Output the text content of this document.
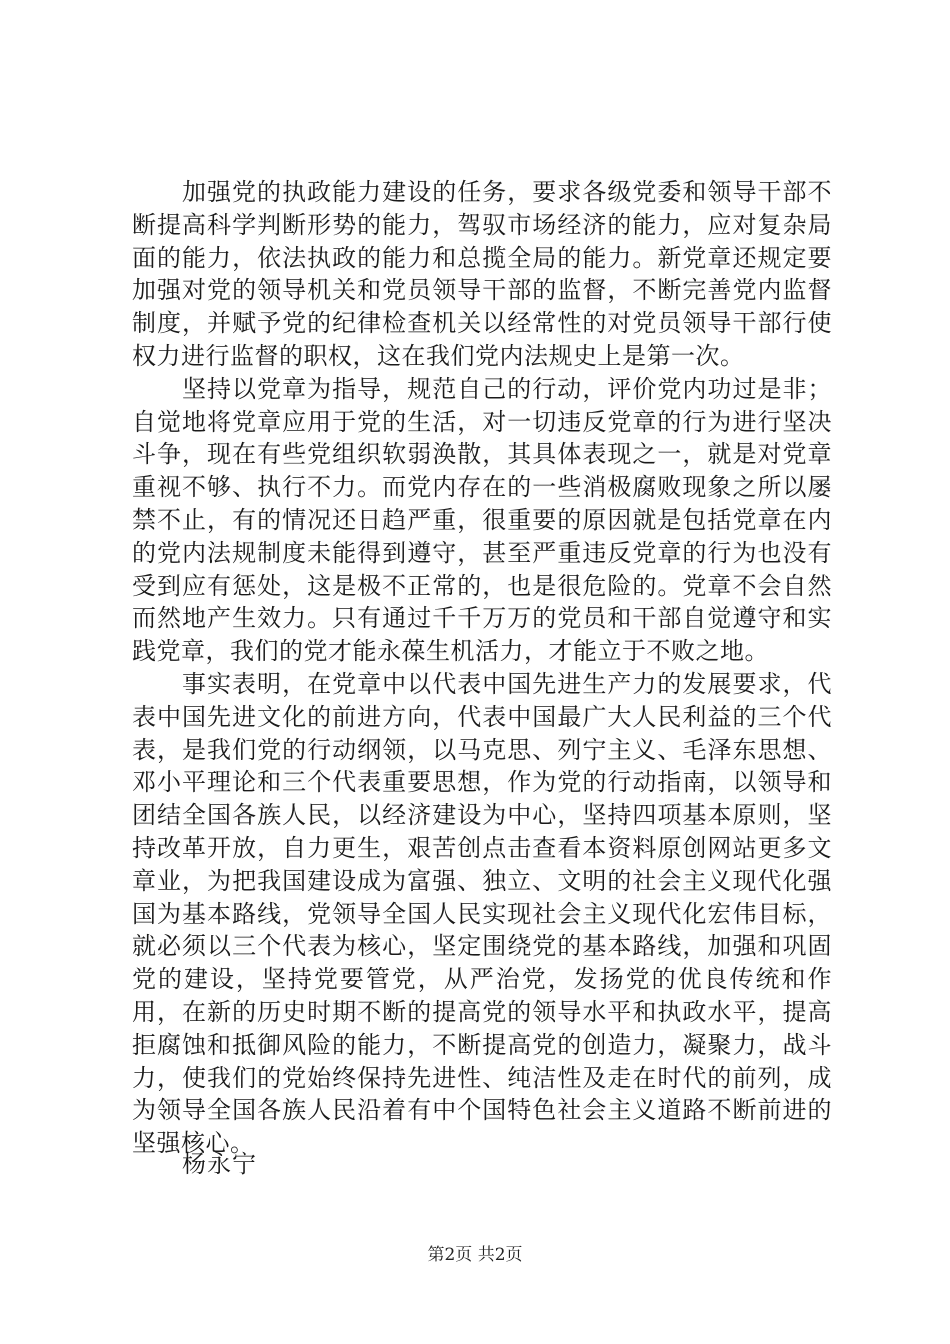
加强党的执政能力建设的任务，要求各级党委和领导干部不断提高科学判断形势的能力，驾驭市场经济的能力，应对复杂局面的能力，依法执政的能力和总揽全局的能力。新党章还规定要加强对党的领导机关和党员领导干部的监督，不断完善党内监督制度，并赋予党的纪律检查机关以经常性的对党员领导干部行使权力进行监督的职权，这在我们党内法规史上是第一次。

坚持以党章为指导，规范自己的行动，评价党内功过是非；自觉地将党章应用于党的生活，对一切违反党章的行为进行坚决斗争，现在有些党组织软弱涣散，其具体表现之一，就是对党章重视不够、执行不力。而党内存在的一些消极腐败现象之所以屡禁不止，有的情况还日趋严重，很重要的原因就是包括党章在内的党内法规制度未能得到遵守，甚至严重违反党章的行为也没有受到应有惩处，这是极不正常的，也是很危险的。党章不会自然而然地产生效力。只有通过千千万万的党员和干部自觉遵守和实践党章，我们的党才能永葆生机活力，才能立于不败之地。

事实表明，在党章中以代表中国先进生产力的发展要求，代表中国先进文化的前进方向，代表中国最广大人民利益的三个代表，是我们党的行动纲领，以马克思、列宁主义、毛泽东思想、邓小平理论和三个代表重要思想，作为党的行动指南，以领导和团结全国各族人民，以经济建设为中心，坚持四项基本原则，坚持改革开放，自力更生，艰苦创点击查看本资料原创网站更多文章业，为把我国建设成为富强、独立、文明的社会主义现代化强国为基本路线，党领导全国人民实现社会主义现代化宏伟目标，就必须以三个代表为核心，坚定围绕党的基本路线，加强和巩固党的建设，坚持党要管党，从严治党，发扬党的优良传统和作用，在新的历史时期不断的提高党的领导水平和执政水平，提高拒腐蚀和抵御风险的能力，不断提高党的创造力，凝聚力，战斗力，使我们的党始终保持先进性、纯洁性及走在时代的前列，成为领导全国各族人民沿着有中个国特色社会主义道路不断前进的坚强核心。

杨永宁
第2页 共2页
